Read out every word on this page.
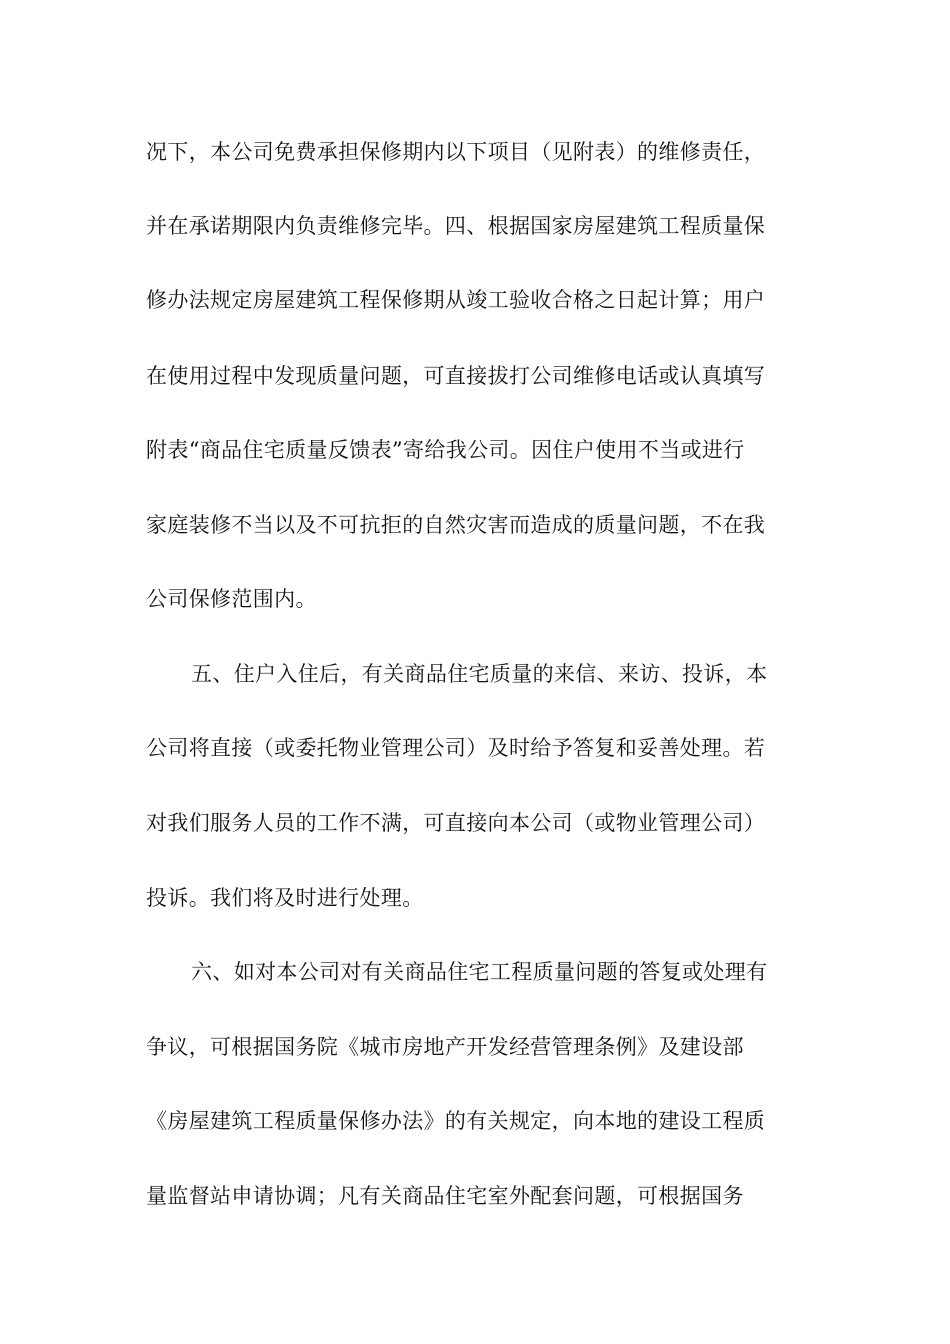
况下，本公司免费承担保修期内以下项目（见附表）的维修责任，
并在承诺期限内负责维修完毕。四、根据国家房屋建筑工程质量保
修办法规定房屋建筑工程保修期从竣工验收合格之日起计算；用户
在使用过程中发现质量问题，可直接拔打公司维修电话或认真填写
附表“商品住宅质量反馈表”寄给我公司。因住户使用不当或进行
家庭装修不当以及不可抗拒的自然灾害而造成的质量问题，不在我
公司保修范围内。
五、住户入住后，有关商品住宅质量的来信、来访、投诉，本
公司将直接（或委托物业管理公司）及时给予答复和妥善处理。若
对我们服务人员的工作不满，可直接向本公司（或物业管理公司）
投诉。我们将及时进行处理。
六、如对本公司对有关商品住宅工程质量问题的答复或处理有
争议，可根据国务院《城市房地产开发经营管理条例》及建设部
《房屋建筑工程质量保修办法》的有关规定，向本地的建设工程质
量监督站申请协调；凡有关商品住宅室外配套问题，可根据国务
